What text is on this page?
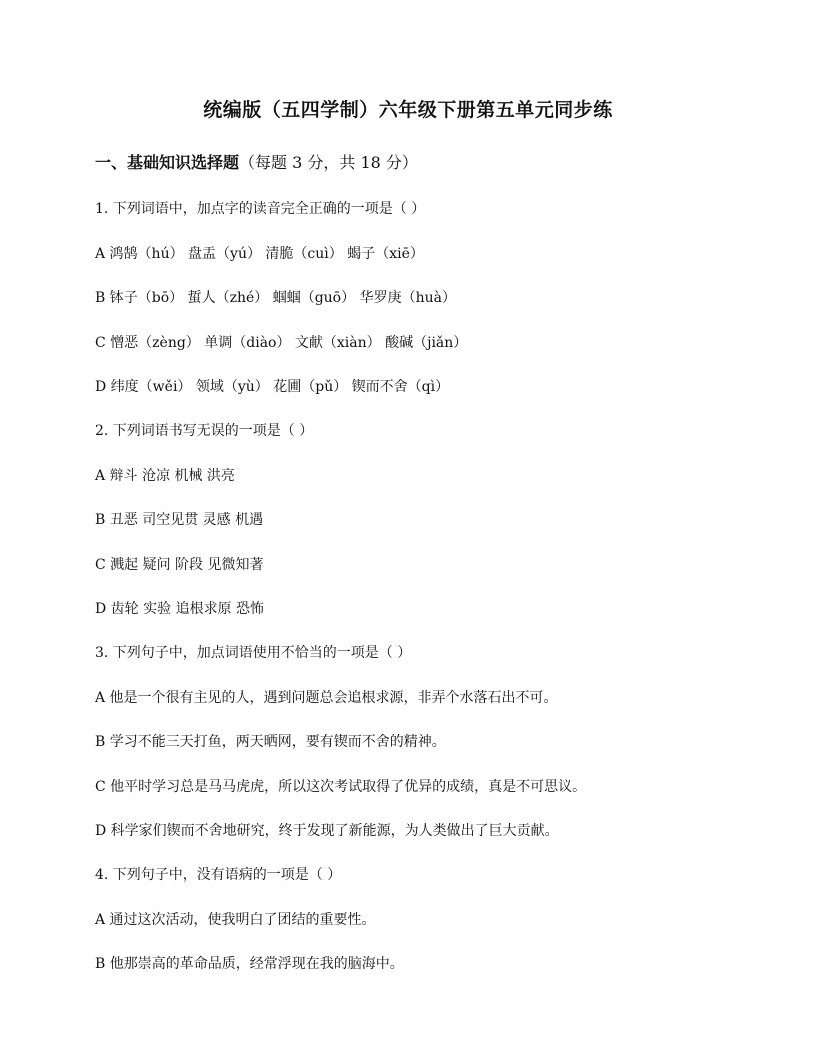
统编版（五四学制）六年级下册第五单元同步练

一、基础知识选择题（每题 3 分，共 18 分）

1. 下列词语中，加点字的读音完全正确的一项是（ ）

A 鸿鹄（hú） 盘盂（yú） 清脆（cuì） 蝎子（xiē）

B 钵子（bō） 蜇人（zhé） 蝈蝈（guō） 华罗庚（huà）

C 憎恶（zèng） 单调（diào） 文献（xiàn） 酸碱（jiǎn）

D 纬度（wěi） 领域（yù） 花圃（pǔ） 锲而不舍（qì）

2. 下列词语书写无误的一项是（ ）

A 辩斗 沧凉 机械 洪亮

B 丑恶 司空见贯 灵感 机遇

C 溅起 疑问 阶段 见微知著

D 齿轮 实验 追根求原 恐怖

3. 下列句子中，加点词语使用不恰当的一项是（ ）

A 他是一个很有主见的人，遇到问题总会追根求源，非弄个水落石出不可。

B 学习不能三天打鱼，两天晒网，要有锲而不舍的精神。

C 他平时学习总是马马虎虎，所以这次考试取得了优异的成绩，真是不可思议。

D 科学家们锲而不舍地研究，终于发现了新能源，为人类做出了巨大贡献。

4. 下列句子中，没有语病的一项是（ ）

A 通过这次活动，使我明白了团结的重要性。

B 他那崇高的革命品质，经常浮现在我的脑海中。
